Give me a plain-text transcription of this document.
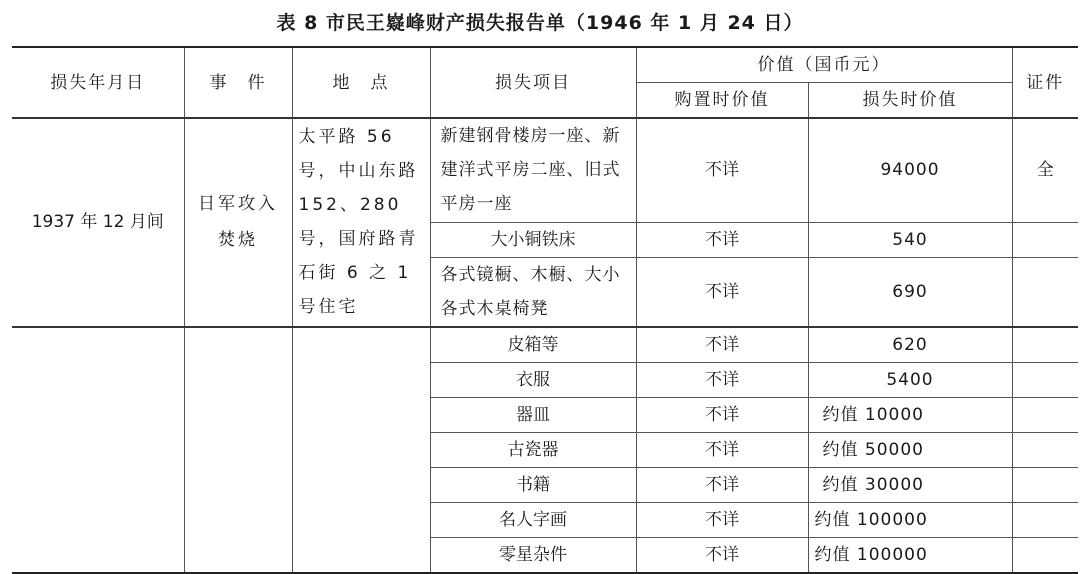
表 8 市民王嶷峰财产损失报告单（1946 年 1 月 24 日）
损失年月日	事　件	地　点	损失项目	价值（国币元）		证件
				购置时价值	损失时价值	
1937 年 12 月间	日军攻入焚烧	太平路 56 号，中山东路 152、280 号，国府路青石街 6 之 1 号住宅	新建钢骨楼房一座、新建洋式平房二座、旧式平房一座	不详	94000	全
			大小铜铁床	不详	540	
			各式镜橱、木橱、大小各式木桌椅凳	不详	690	
			皮箱等	不详	620	
			衣服	不详	5400	
			器皿	不详	约值 10000	
			古瓷器	不详	约值 50000	
			书籍	不详	约值 30000	
			名人字画	不详	约值 100000	
			零星杂件	不详	约值 100000	
